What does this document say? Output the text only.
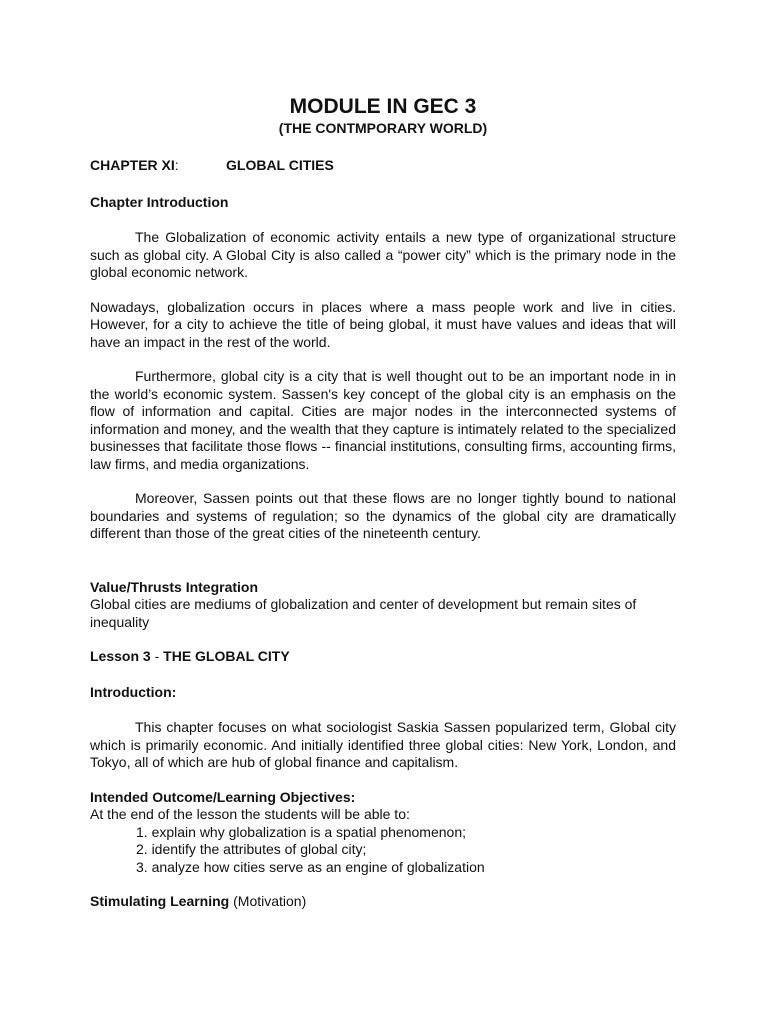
MODULE IN GEC 3
(THE CONTMPORARY WORLD)
CHAPTER XI:	GLOBAL CITIES
Chapter Introduction

The Globalization of economic activity entails a new type of organizational structure such as global city. A Global City is also called a “power city” which is the primary node in the global economic network.

Nowadays, globalization occurs in places where a mass people work and live in cities. However, for a city to achieve the title of being global, it must have values and ideas that will have an impact in the rest of the world.

Furthermore, global city is a city that is well thought out to be an important node in in the world’s economic system. Sassen's key concept of the global city is an emphasis on the flow of information and capital. Cities are major nodes in the interconnected systems of information and money, and the wealth that they capture is intimately related to the specialized businesses that facilitate those flows -- financial institutions, consulting firms, accounting firms, law firms, and media organizations.

Moreover, Sassen points out that these flows are no longer tightly bound to national boundaries and systems of regulation; so the dynamics of the global city are dramatically different than those of the great cities of the nineteenth century.

Value/Thrusts Integration

Global cities are mediums of globalization and center of development but remain sites of inequality

Lesson 3 - THE GLOBAL CITY
Introduction:

This chapter focuses on what sociologist Saskia Sassen popularized term, Global city which is primarily economic. And initially identified three global cities: New York, London, and Tokyo, all of which are hub of global finance and capitalism.

Intended Outcome/Learning Objectives:
At the end of the lesson the students will be able to:
1. explain why globalization is a spatial phenomenon;
2. identify the attributes of global city;
3. analyze how cities serve as an engine of globalization
Stimulating Learning (Motivation)
